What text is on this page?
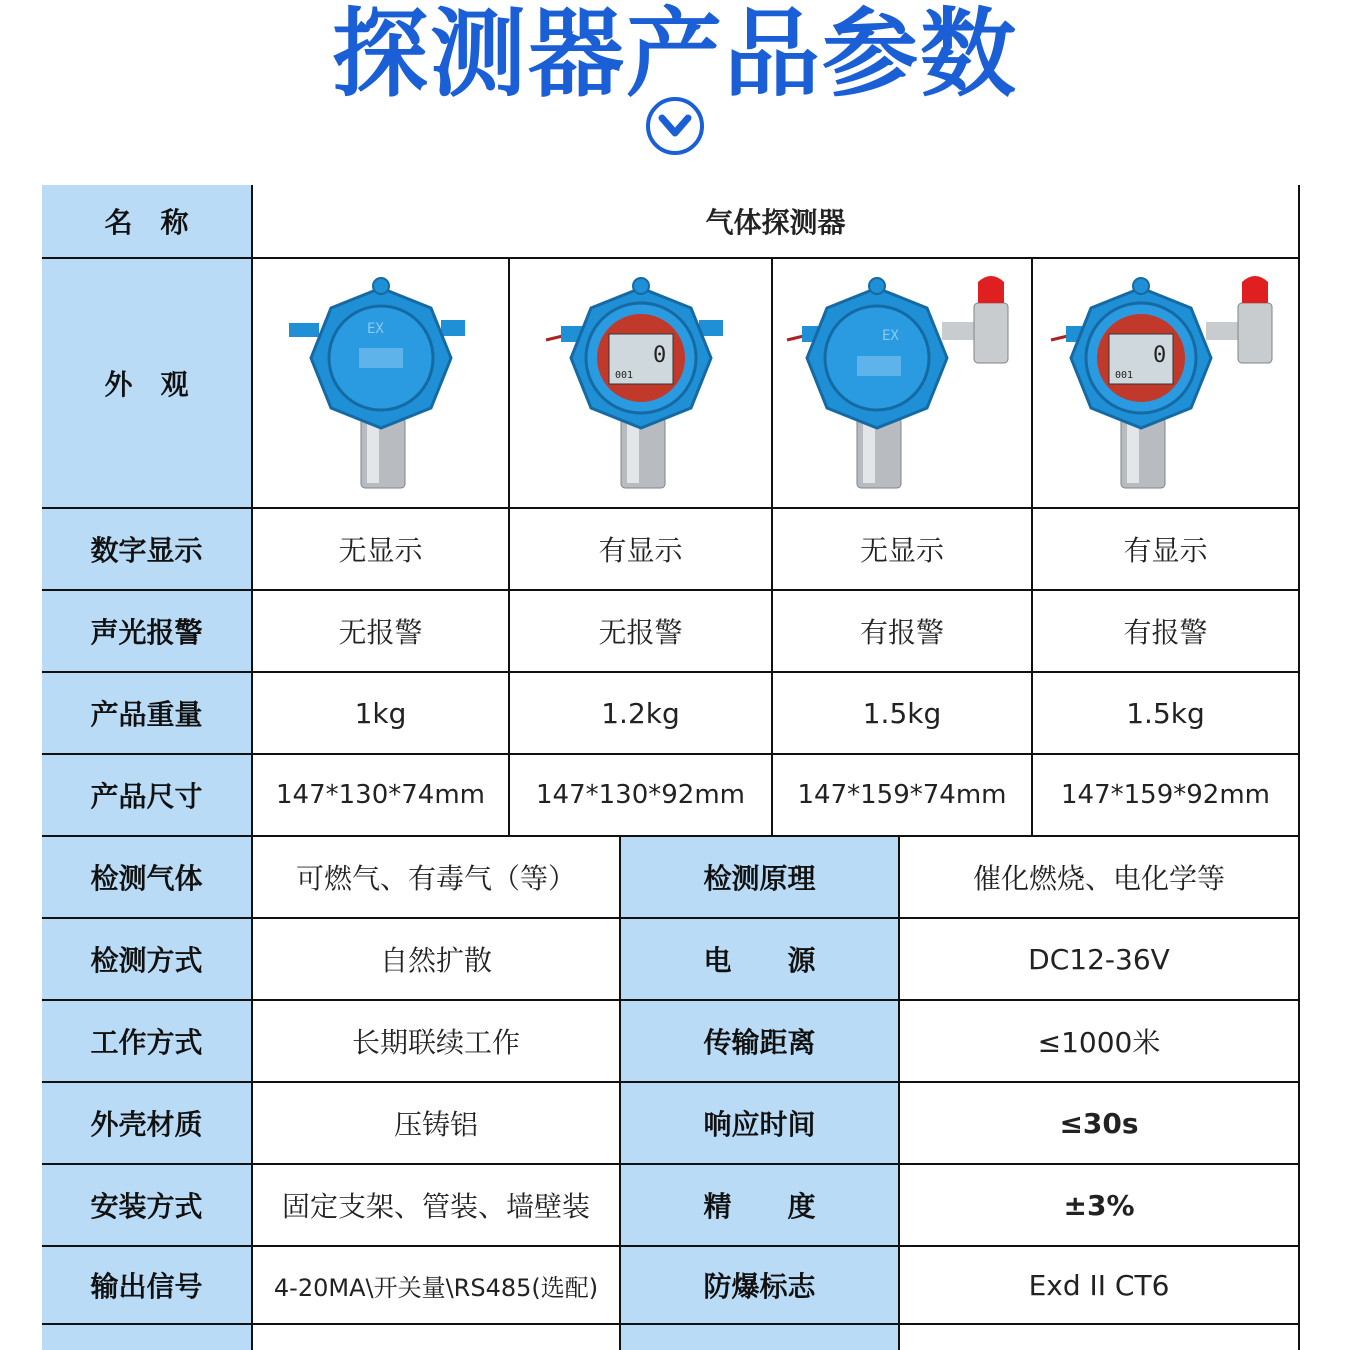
探测器产品参数
名　称	气体探测器
外　观
EX
0
001
EX
0
001
数字显示	无显示	有显示	无显示	有显示
声光报警	无报警	无报警	有报警	有报警
产品重量	1kg	1.2kg	1.5kg	1.5kg
产品尺寸	147*130*74mm	147*130*92mm	147*159*74mm	147*159*92mm
检测气体	可燃气、有毒气（等）	检测原理	催化燃烧、电化学等
检测方式	自然扩散	电　　源	DC12-36V
工作方式	长期联续工作	传输距离	≤1000米
外壳材质	压铸铝	响应时间	≤30s
安装方式	固定支架、管装、墙壁装	精　　度	±3%
输出信号	4-20MA\开关量\RS485(选配)	防爆标志	Exd II CT6
